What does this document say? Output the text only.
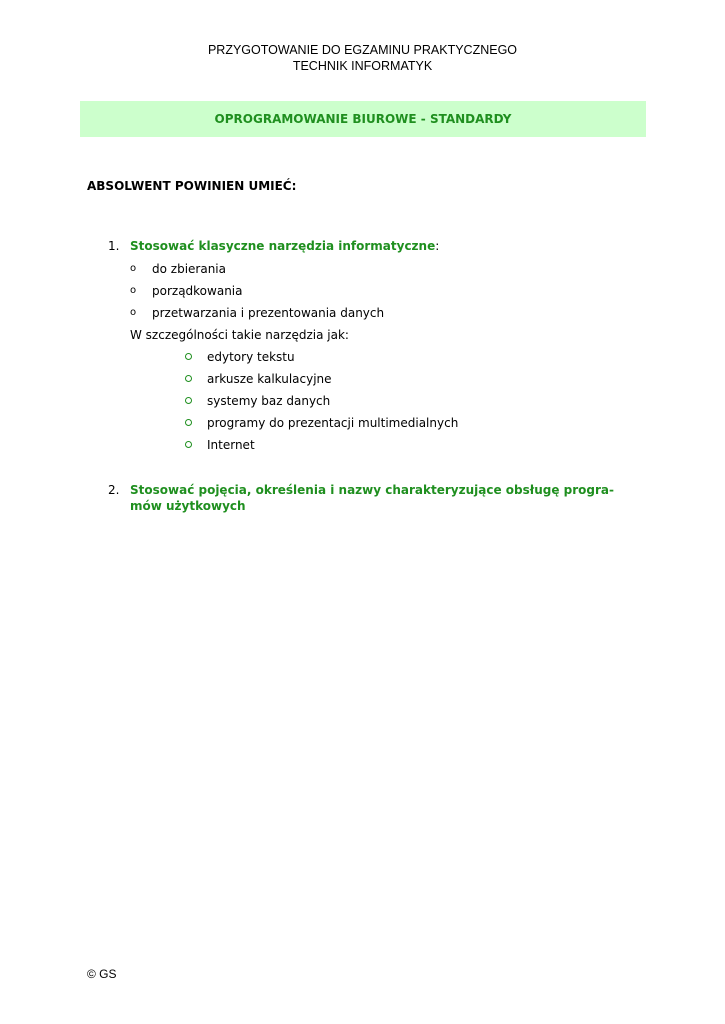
PRZYGOTOWANIE DO EGZAMINU PRAKTYCZNEGO
TECHNIK INFORMATYK
OPROGRAMOWANIE BIUROWE - STANDARDY
ABSOLWENT POWINIEN UMIEĆ:
1. Stosować klasyczne narzędzia informatyczne:
o do zbierania
o porządkowania
o przetwarzania i prezentowania danych
W szczególności takie narzędzia jak:
edytory tekstu
arkusze kalkulacyjne
systemy baz danych
programy do prezentacji multimedialnych
Internet
2. Stosować pojęcia, określenia i nazwy charakteryzujące obsługę progra-
mów użytkowych
© GS
